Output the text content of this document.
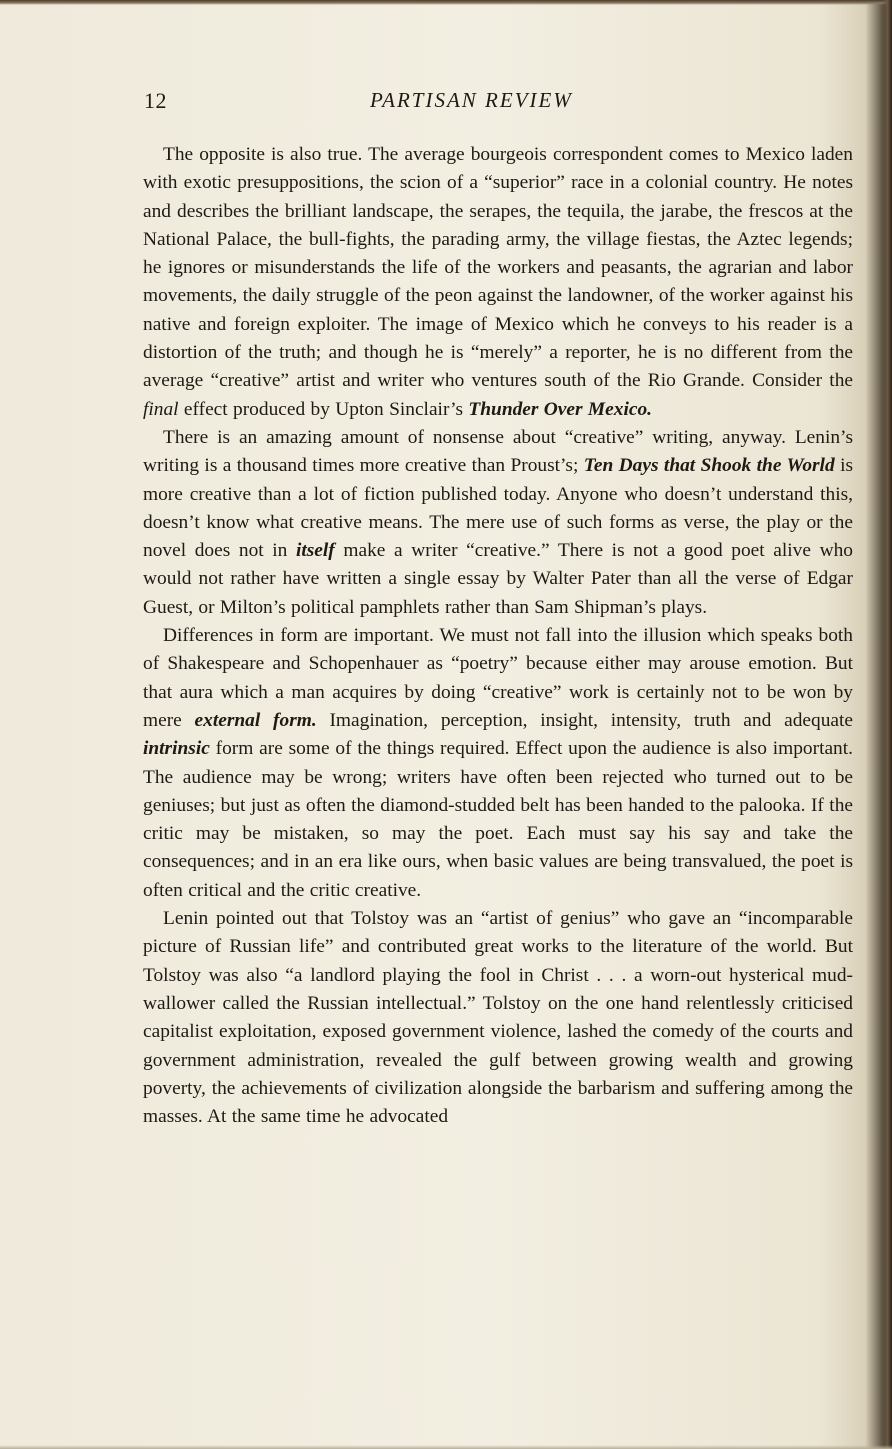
12	PARTISAN REVIEW

The opposite is also true. The average bourgeois correspondent comes to Mexico laden with exotic presuppositions, the scion of a “superior” race in a colonial country. He notes and describes the brilliant landscape, the serapes, the tequila, the jarabe, the frescos at the National Palace, the bull-fights, the parading army, the village fiestas, the Aztec legends; he ignores or misunderstands the life of the workers and peasants, the agrarian and labor movements, the daily struggle of the peon against the landowner, of the worker against his native and foreign exploiter. The image of Mexico which he conveys to his reader is a distortion of the truth; and though he is “merely” a reporter, he is no different from the average “creative” artist and writer who ventures south of the Rio Grande. Consider the final effect produced by Upton Sinclair’s Thunder Over Mexico.

There is an amazing amount of nonsense about “creative” writing, anyway. Lenin’s writing is a thousand times more creative than Proust’s; Ten Days that Shook the World is more creative than a lot of fiction published today. Anyone who doesn’t understand this, doesn’t know what creative means. The mere use of such forms as verse, the play or the novel does not in itself make a writer “creative.” There is not a good poet alive who would not rather have written a single essay by Walter Pater than all the verse of Edgar Guest, or Milton’s political pamphlets rather than Sam Shipman’s plays.

Differences in form are important. We must not fall into the illusion which speaks both of Shakespeare and Schopenhauer as “poetry” because either may arouse emotion. But that aura which a man acquires by doing “creative” work is certainly not to be won by mere external form. Imagination, perception, insight, intensity, truth and adequate intrinsic form are some of the things required. Effect upon the audience is also important. The audience may be wrong; writers have often been rejected who turned out to be geniuses; but just as often the diamond-studded belt has been handed to the palooka. If the critic may be mistaken, so may the poet. Each must say his say and take the consequences; and in an era like ours, when basic values are being transvalued, the poet is often critical and the critic creative.

Lenin pointed out that Tolstoy was an “artist of genius” who gave an “incomparable picture of Russian life” and contributed great works to the literature of the world. But Tolstoy was also “a landlord playing the fool in Christ . . . a worn-out hysterical mud-wallower called the Russian intellectual.” Tolstoy on the one hand relentlessly criticised capitalist exploitation, exposed government violence, lashed the comedy of the courts and government administration, revealed the gulf between growing wealth and growing poverty, the achievements of civilization alongside the barbarism and suffering among the masses. At the same time he advocated
